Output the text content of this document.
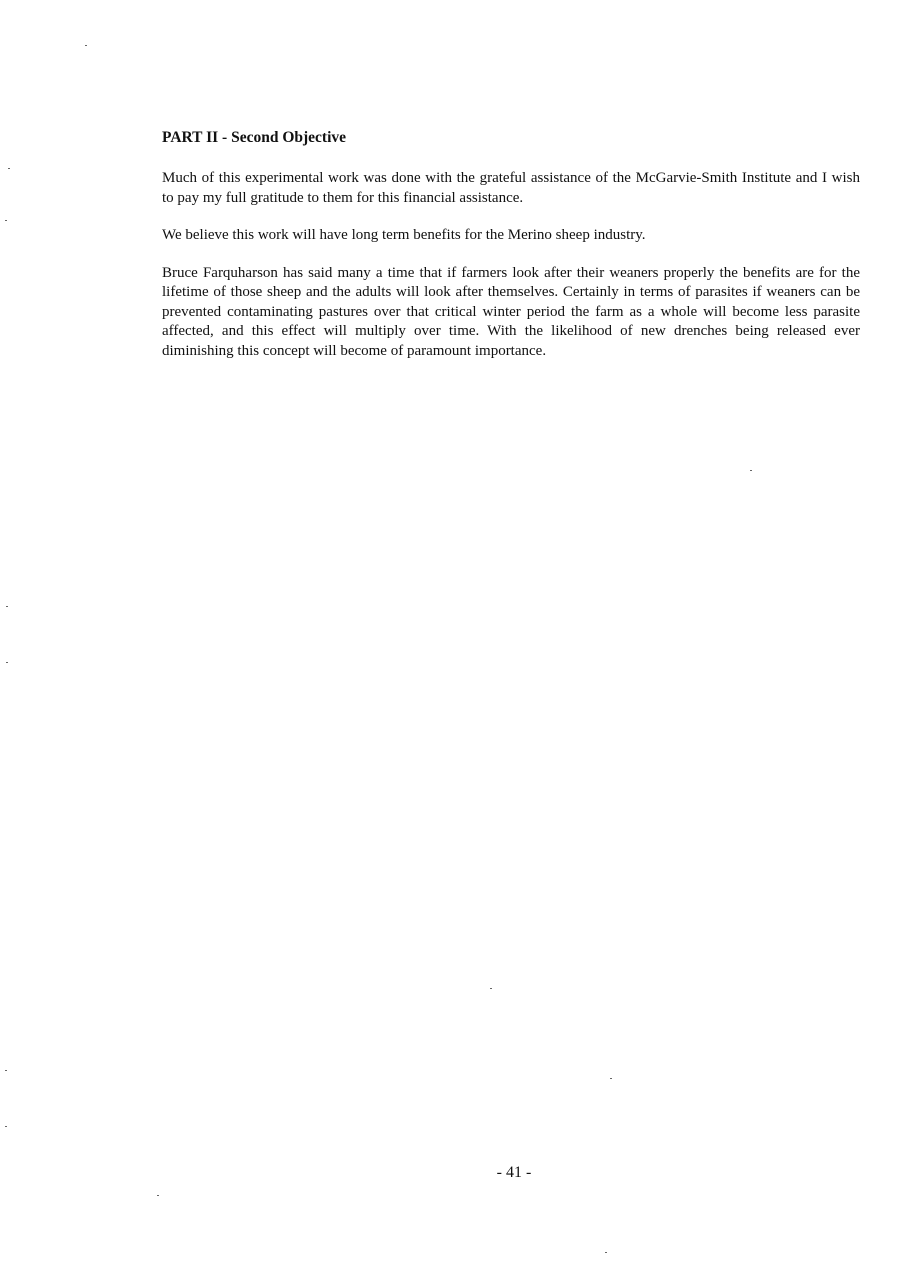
PART II - Second Objective

Much of this experimental work was done with the grateful assistance of the McGarvie-Smith Institute and I wish to pay my full gratitude to them for this financial assistance.

We believe this work will have long term benefits for the Merino sheep industry.

Bruce Farquharson has said many a time that if farmers look after their weaners properly the benefits are for the lifetime of those sheep and the adults will look after themselves. Certainly in terms of parasites if weaners can be prevented contaminating pastures over that critical winter period the farm as a whole will become less parasite affected, and this effect will multiply over time. With the likelihood of new drenches being released ever diminishing this concept will become of paramount importance.

- 41 -
